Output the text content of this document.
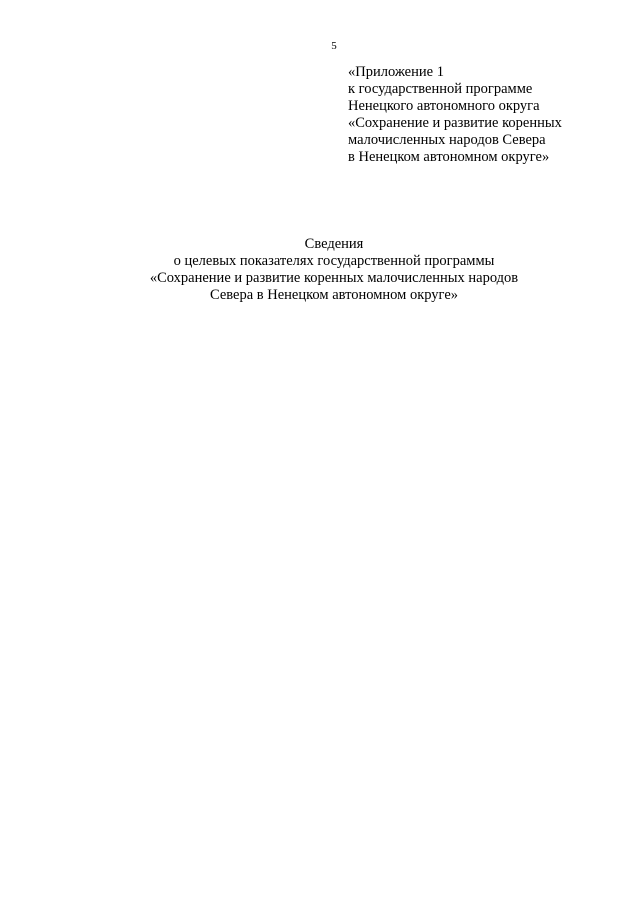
5
«Приложение 1
к государственной программе
Ненецкого автономного округа
«Сохранение и развитие коренных
малочисленных народов Севера
в Ненецком автономном округе»
Сведения
о целевых показателях государственной программы
«Сохранение и развитие коренных малочисленных народов
Севера в Ненецком автономном округе»
